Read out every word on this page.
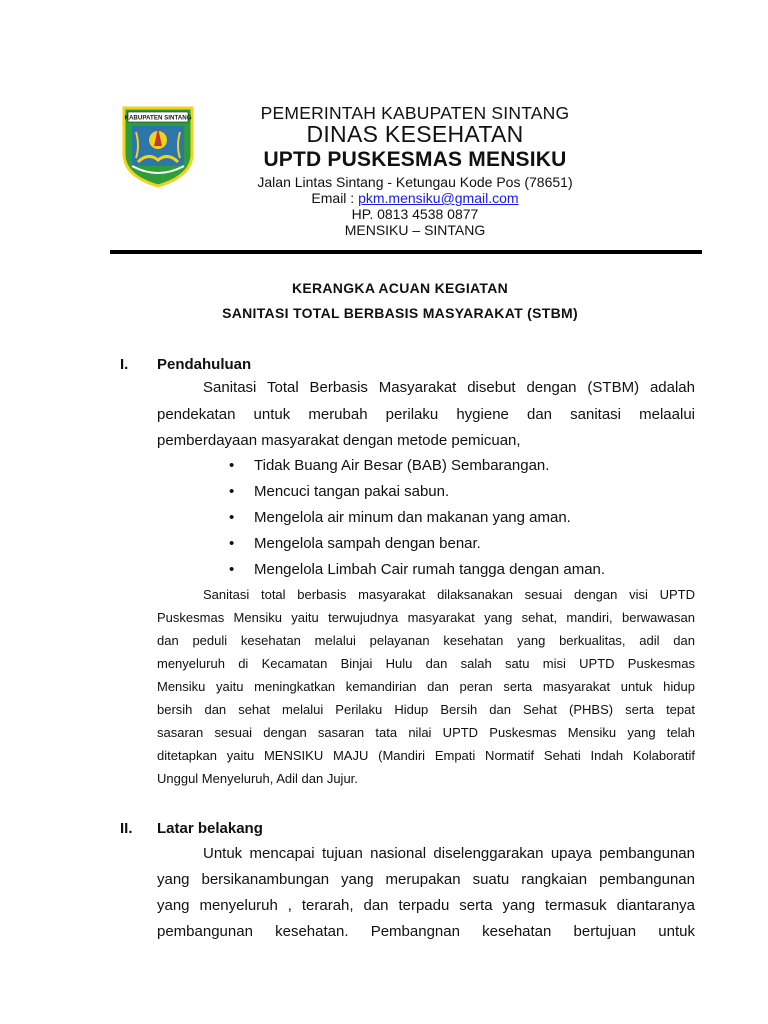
KABUPATEN SINTANG	PEMERINTAH KABUPATEN SINTANG
DINAS KESEHATAN
UPTD PUSKESMAS MENSIKU
Jalan Lintas Sintang - Ketungau Kode Pos (78651)
Email : pkm.mensiku@gmail.com
HP. 0813 4538 0877
MENSIKU – SINTANG
KERANGKA ACUAN KEGIATAN
SANITASI TOTAL BERBASIS MASYARAKAT (STBM)
I. Pendahuluan
Sanitasi Total Berbasis Masyarakat disebut dengan (STBM) adalah
pendekatan untuk merubah perilaku hygiene dan sanitasi melaalui
pemberdayaan masyarakat dengan metode pemicuan,
• Tidak Buang Air Besar (BAB) Sembarangan.
• Mencuci tangan pakai sabun.
• Mengelola air minum dan makanan yang aman.
• Mengelola sampah dengan benar.
• Mengelola Limbah Cair rumah tangga dengan aman.
Sanitasi total berbasis masyarakat dilaksanakan sesuai dengan visi UPTD
Puskesmas Mensiku yaitu terwujudnya masyarakat yang sehat, mandiri, berwawasan
dan peduli kesehatan melalui pelayanan kesehatan yang berkualitas, adil dan
menyeluruh di Kecamatan Binjai Hulu dan salah satu misi UPTD Puskesmas
Mensiku yaitu meningkatkan kemandirian dan peran serta masyarakat untuk hidup
bersih dan sehat melalui Perilaku Hidup Bersih dan Sehat (PHBS) serta tepat
sasaran sesuai dengan sasaran tata nilai UPTD Puskesmas Mensiku yang telah
ditetapkan yaitu MENSIKU MAJU (Mandiri Empati Normatif Sehati Indah Kolaboratif
Unggul Menyeluruh, Adil dan Jujur.
II. Latar belakang
Untuk mencapai tujuan nasional diselenggarakan upaya pembangunan
yang bersikanambungan yang merupakan suatu rangkaian pembangunan
yang menyeluruh , terarah, dan terpadu serta yang termasuk diantaranya
pembangunan kesehatan. Pembangnan kesehatan bertujuan untuk
